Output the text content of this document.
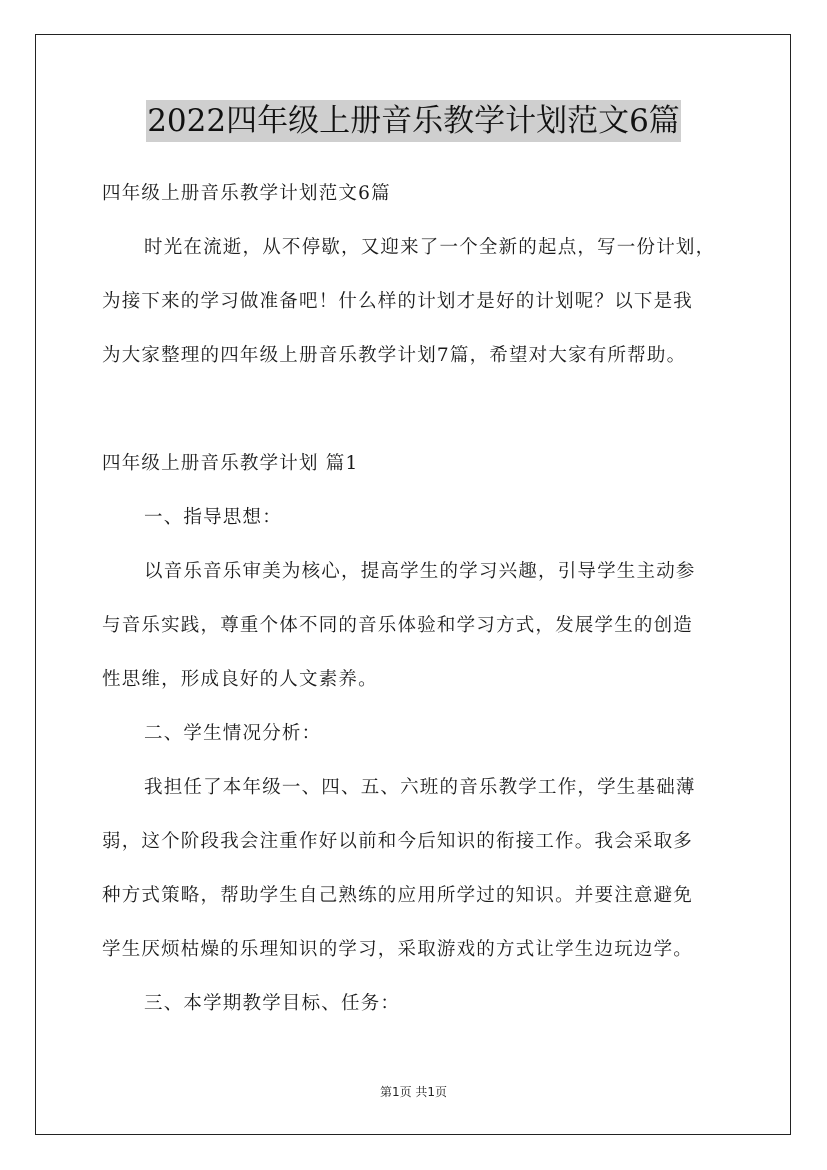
2022四年级上册音乐教学计划范文6篇
四年级上册音乐教学计划范文6篇
时光在流逝，从不停歇，又迎来了一个全新的起点，写一份计划，
为接下来的学习做准备吧！什么样的计划才是好的计划呢？以下是我
为大家整理的四年级上册音乐教学计划7篇，希望对大家有所帮助。
四年级上册音乐教学计划 篇1
一、指导思想：
以音乐音乐审美为核心，提高学生的学习兴趣，引导学生主动参
与音乐实践，尊重个体不同的音乐体验和学习方式，发展学生的创造
性思维，形成良好的人文素养。
二、学生情况分析：
我担任了本年级一、四、五、六班的音乐教学工作，学生基础薄
弱，这个阶段我会注重作好以前和今后知识的衔接工作。我会采取多
种方式策略，帮助学生自己熟练的应用所学过的知识。并要注意避免
学生厌烦枯燥的乐理知识的学习，采取游戏的方式让学生边玩边学。
三、本学期教学目标、任务：
第1页 共1页
